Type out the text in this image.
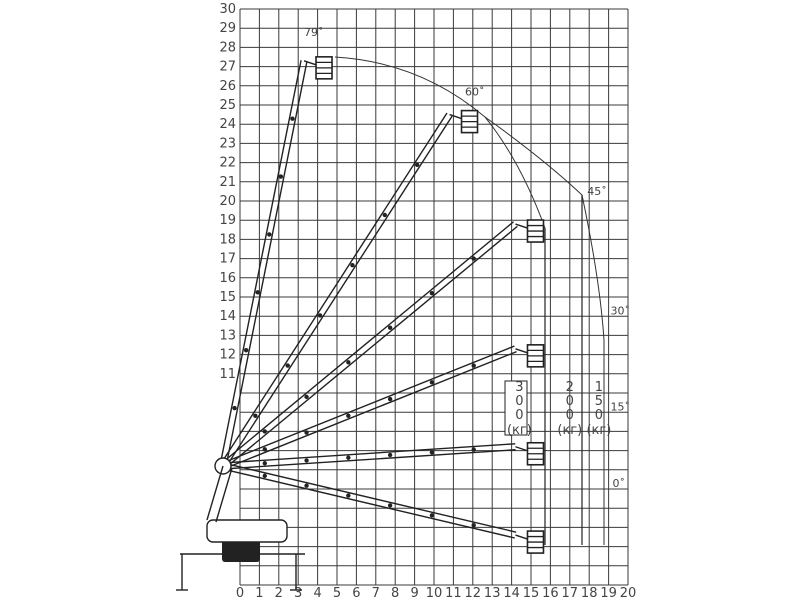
0 1 2 3 4 5 6 7 8 9 10 11 12 13 14 15 16 17 18 19 20
11
12
13
14
15
16
17
18
19
20
21
22
23
24
25
26
27
28
29
30
3
0
0
(кг)
2
0
0
(кг)
1
5
0
(кг)
79˚
60˚
45˚
30˚
15˚
0˚
